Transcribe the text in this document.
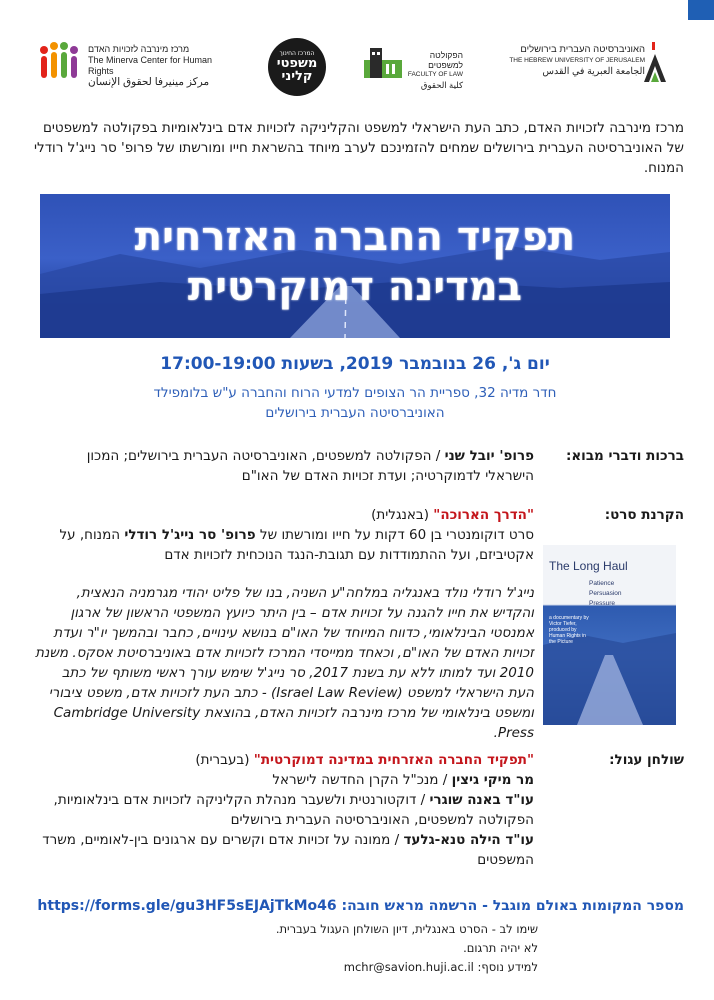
האוניברסיטה העברית בירושלים
THE HEBREW UNIVERSITY OF JERUSALEM
الجامعة العبرية في القدس
הפקולטה למשפטים
FACULTY OF LAW
كلية الحقوق
המרכז החינוך
משפטי קליני
מרכז מינרבה לזכויות האדם
The Minerva Center for Human Rights
مركز مينيرفا لحقوق الإنسان
מרכז מינרבה לזכויות האדם, כתב העת הישראלי למשפט והקליניקה לזכויות אדם בינלאומיות בפקולטה למשפטים של האוניברסיטה העברית בירושלים שמחים להזמינכם לערב מיוחד בהשראת חייו ומורשתו של פרופ' סר נייג'ל רודלי המנוח.
תפקיד החברה האזרחית
במדינה דמוקרטית
יום ג', 26 בנובמבר 2019, בשעות 17:00-19:00
חדר מדיה 32, ספריית הר הצופים למדעי הרוח והחברה ע"ש בלומפילד
האוניברסיטה העברית בירושלים
ברכות ודברי מבוא:
פרופ' יובל שני / הפקולטה למשפטים, האוניברסיטה העברית בירושלים; המכון הישראלי לדמוקרטיה; ועדת זכויות האדם של האו"ם
הקרנת סרט:
"הדרך הארוכה" (באנגלית)
סרט דוקומנטרי בן 60 דקות על חייו ומורשתו של פרופ' סר נייג'ל רודלי המנוח, על אקטיביזם, ועל ההתמודדות עם תגובת-הנגד הנוכחית לזכויות אדם
נייג'ל רודלי נולד באנגליה במלחה"ע השניה, בנו של פליט יהודי מגרמניה הנאצית, והקדיש את חייו להגנה על זכויות אדם – בין היתר כיועץ המשפטי הראשון של ארגון אמנסטי הבינלאומי, כדווח המיוחד של האו"ם בנושא עינויים, כחבר ובהמשך יו"ר ועדת זכויות האדם של האו"ם, וכאחד ממייסדי המרכז לזכויות אדם באוניברסיטת אסקס. משנת 2010 ועד למותו ללא עת בשנת 2017, סר נייג'ל שימש עורך ראשי משותף של כתב העת הישראלי למשפט (Israel Law Review) - כתב העת לזכויות אדם, משפט ציבורי ומשפט בינלאומי של מרכז מינרבה לזכויות האדם, בהוצאת Cambridge University Press.
The Long Haul
Patience
Persuasion
Pressure
a documentary by Victor Tiefer, produced by Human Rights in the Picture
שולחן עגול:
"תפקיד החברה האזרחית במדינה דמוקרטית" (בעברית)
מר מיקי גיצין / מנכ"ל הקרן החדשה לישראל
עו"ד באנה שוגרי / דוקטורנטית ולשעבר מנהלת הקליניקה לזכויות אדם בינלאומיות, הפקולטה למשפטים, האוניברסיטה העברית בירושלים
עו"ד הילה טנא-גלעד / ממונה על זכויות אדם וקשרים עם ארגונים בין-לאומיים, משרד המשפטים
מספר המקומות באולם מוגבל - הרשמה מראש חובה: https://forms.gle/gu3HF5sEJAjTkMo46
שימו לב - הסרט באנגלית, דיון השולחן העגול בעברית.
לא יהיה תרגום.
למידע נוסף: mchr@savion.huji.ac.il
